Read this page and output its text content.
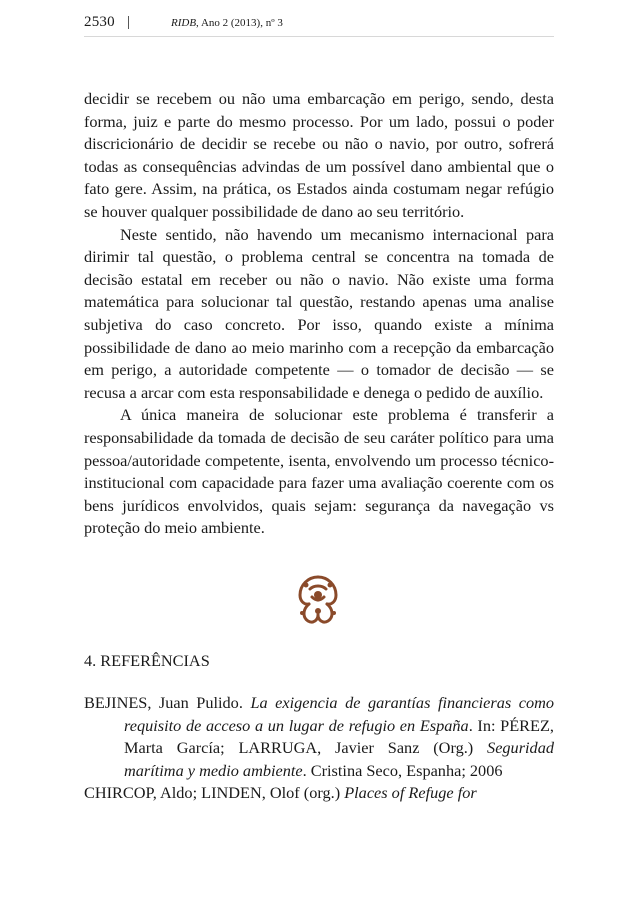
2530 |	RIDB, Ano 2 (2013), nº 3

decidir se recebem ou não uma embarcação em perigo, sendo, desta forma, juiz e parte do mesmo processo. Por um lado, possui o poder discricionário de decidir se recebe ou não o navio, por outro, sofrerá todas as consequências advindas de um possível dano ambiental que o fato gere. Assim, na prática, os Estados ainda costumam negar refúgio se houver qualquer possibilidade de dano ao seu território.

Neste sentido, não havendo um mecanismo internacional para dirimir tal questão, o problema central se concentra na tomada de decisão estatal em receber ou não o navio. Não existe uma forma matemática para solucionar tal questão, restando apenas uma analise subjetiva do caso concreto. Por isso, quando existe a mínima possibilidade de dano ao meio marinho com a recepção da embarcação em perigo, a autoridade competente — o tomador de decisão — se recusa a arcar com esta responsabilidade e denega o pedido de auxílio.

A única maneira de solucionar este problema é transferir a responsabilidade da tomada de decisão de seu caráter político para uma pessoa/autoridade competente, isenta, envolvendo um processo técnico-institucional com capacidade para fazer uma avaliação coerente com os bens jurídicos envolvidos, quais sejam: segurança da navegação vs proteção do meio ambiente.

4. REFERÊNCIAS

BEJINES, Juan Pulido. La exigencia de garantías financieras como requisito de acceso a un lugar de refugio en España. In: PÉREZ, Marta García; LARRUGA, Javier Sanz (Org.) Seguridad marítima y medio ambiente. Cristina Seco, Espanha; 2006

CHIRCOP, Aldo; LINDEN, Olof (org.) Places of Refuge for
